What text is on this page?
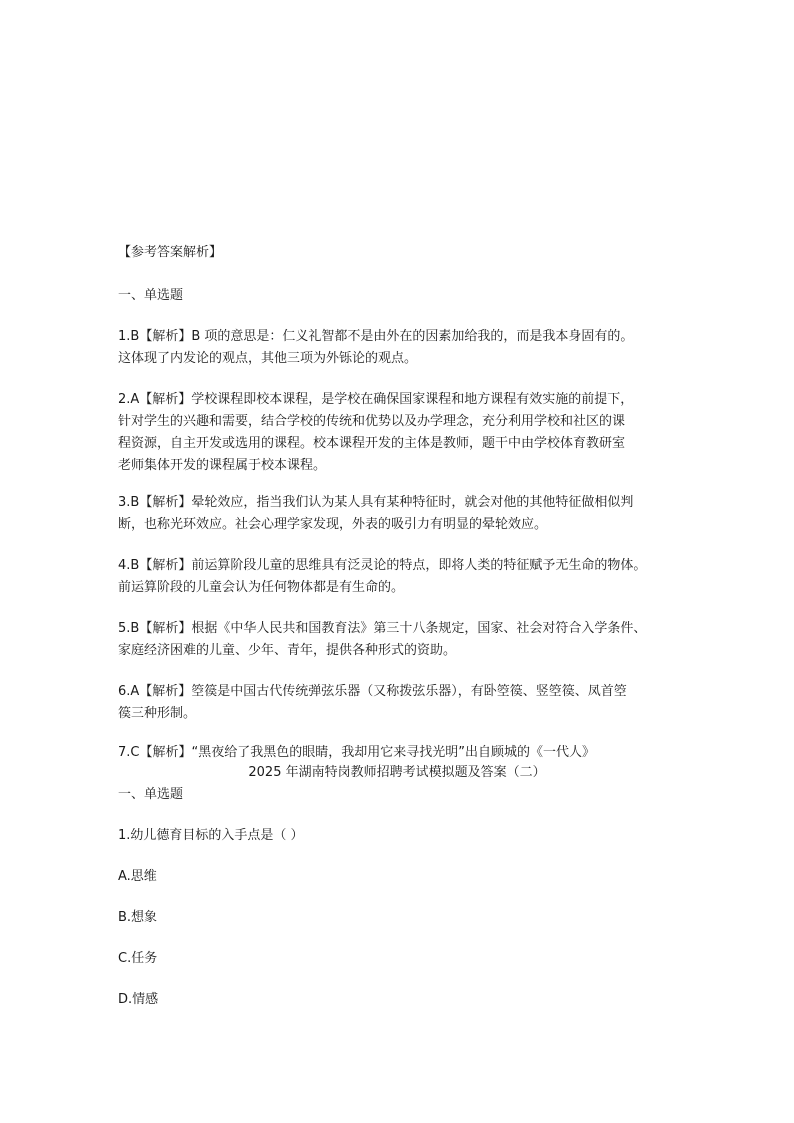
【参考答案解析】
一、单选题
1.B【解析】B 项的意思是：仁义礼智都不是由外在的因素加给我的，而是我本身固有的。
这体现了内发论的观点，其他三项为外铄论的观点。
2.A【解析】学校课程即校本课程，是学校在确保国家课程和地方课程有效实施的前提下，
针对学生的兴趣和需要，结合学校的传统和优势以及办学理念，充分利用学校和社区的课
程资源，自主开发或选用的课程。校本课程开发的主体是教师，题干中由学校体育教研室
老师集体开发的课程属于校本课程。
3.B【解析】晕轮效应，指当我们认为某人具有某种特征时，就会对他的其他特征做相似判
断，也称光环效应。社会心理学家发现，外表的吸引力有明显的晕轮效应。
4.B【解析】前运算阶段儿童的思维具有泛灵论的特点，即将人类的特征赋予无生命的物体。
前运算阶段的儿童会认为任何物体都是有生命的。
5.B【解析】根据《中华人民共和国教育法》第三十八条规定，国家、社会对符合入学条件、
家庭经济困难的儿童、少年、青年，提供各种形式的资助。
6.A【解析】箜篌是中国古代传统弹弦乐器（又称拨弦乐器），有卧箜篌、竖箜篌、凤首箜
篌三种形制。
7.C【解析】“黑夜给了我黑色的眼睛，我却用它来寻找光明”出自顾城的《一代人》
2025 年湖南特岗教师招聘考试模拟题及答案（二）
一、单选题
1.幼儿德育目标的入手点是（ ）
A.思维
B.想象
C.任务
D.情感
